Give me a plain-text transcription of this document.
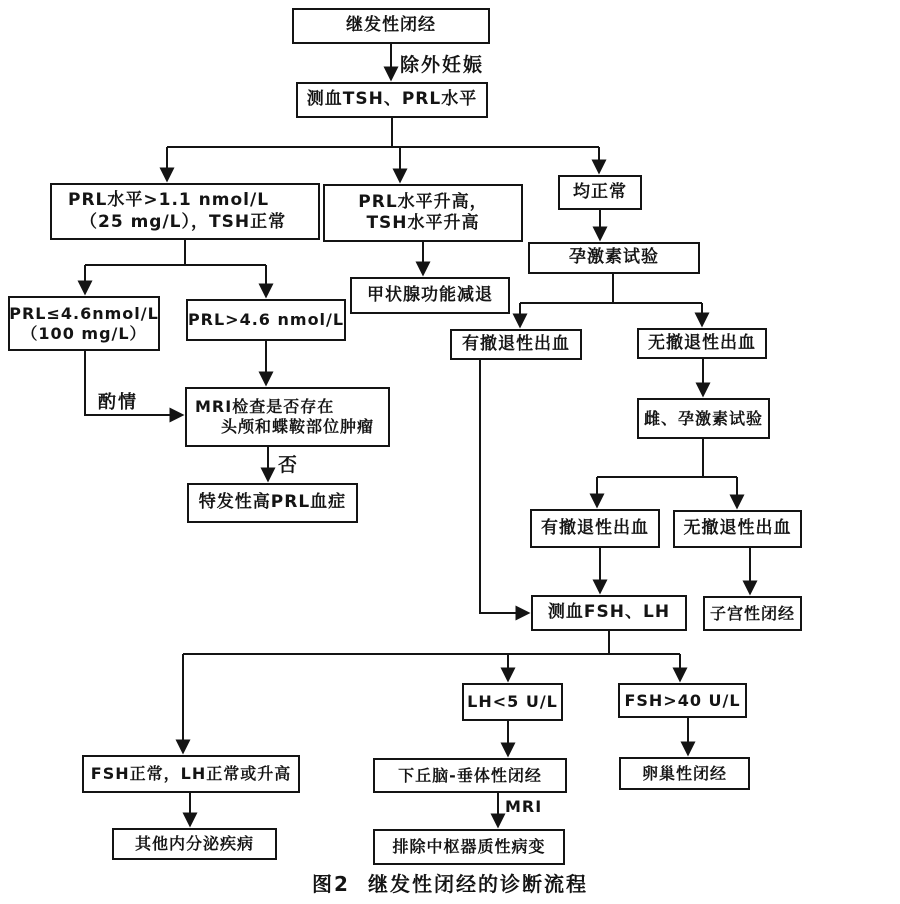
继发性闭经
测血TSH、PRL水平
PRL水平>1.1 nmol/L
（25 mg/L），TSH正常
PRL水平升高，
TSH水平升高
均正常
甲状腺功能减退
孕激素试验
PRL≤4.6nmol/L
（100 mg/L）
PRL>4.6 nmol/L
MRI检查是否存在
头颅和蝶鞍部位肿瘤
特发性高PRL血症
有撤退性出血	无撤退性出血
雌、孕激素试验
有撤退性出血 无撤退性出血
测血FSH、LH 子宫性闭经
LH<5 U/L	FSH>40 U/L
FSH正常，LH正常或升高
其他内分泌疾病
下丘脑-垂体性闭经
排除中枢器质性病变
卵巢性闭经
除外妊娠
酌情
否
MRI
图2 继发性闭经的诊断流程
